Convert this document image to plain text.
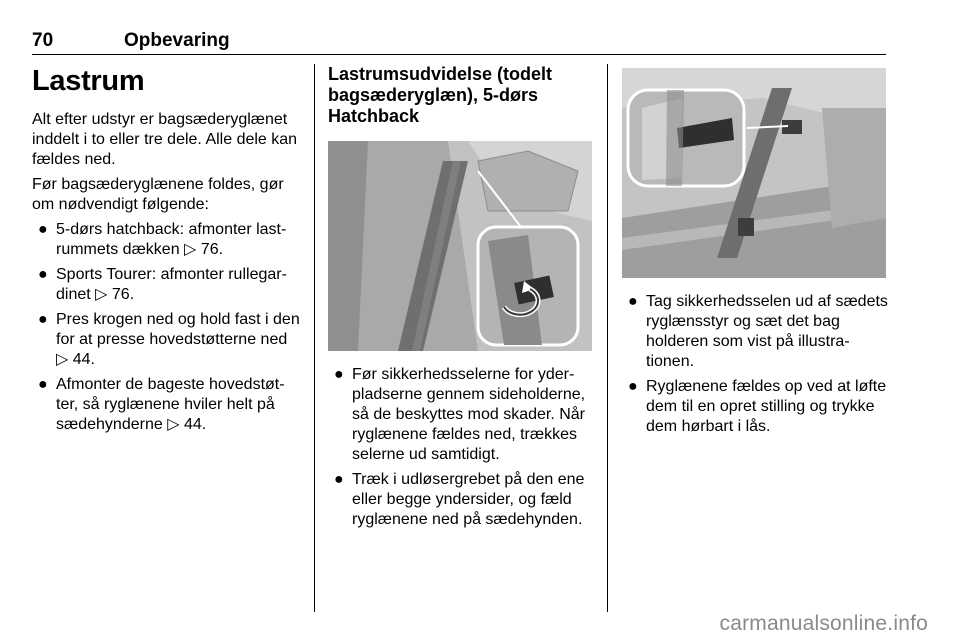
70	Opbevaring
Lastrum

Alt efter udstyr er bagsæderyglænet inddelt i to eller tre dele. Alle dele kan fældes ned.

Før bagsæderyglænene foldes, gør om nødvendigt følgende:

● 5-dørs hatchback: afmonter lastrummets dækken ▷ 76.
● Sports Tourer: afmonter rullegardinet ▷ 76.
● Pres krogen ned og hold fast i den for at presse hovedstøtterne ned ▷ 44.
● Afmonter de bageste hovedstøtter, så ryglænene hviler helt på sædehynderne ▷ 44.
Lastrumsudvidelse (todelt bagsæderyglæn), 5-dørs Hatchback
● Før sikkerhedsselerne for yderpladserne gennem sideholderne, så de beskyttes mod skader. Når ryglænene fældes ned, trækkes selerne ud samtidigt.
● Træk i udløsergrebet på den ene eller begge yndersider, og fæld ryglænene ned på sædehynden.
● Tag sikkerhedsselen ud af sædets ryglænsstyr og sæt det bag holderen som vist på illustrationen.
● Ryglænene fældes op ved at løfte dem til en opret stilling og trykke dem hørbart i lås.
carmanualsonline.info
